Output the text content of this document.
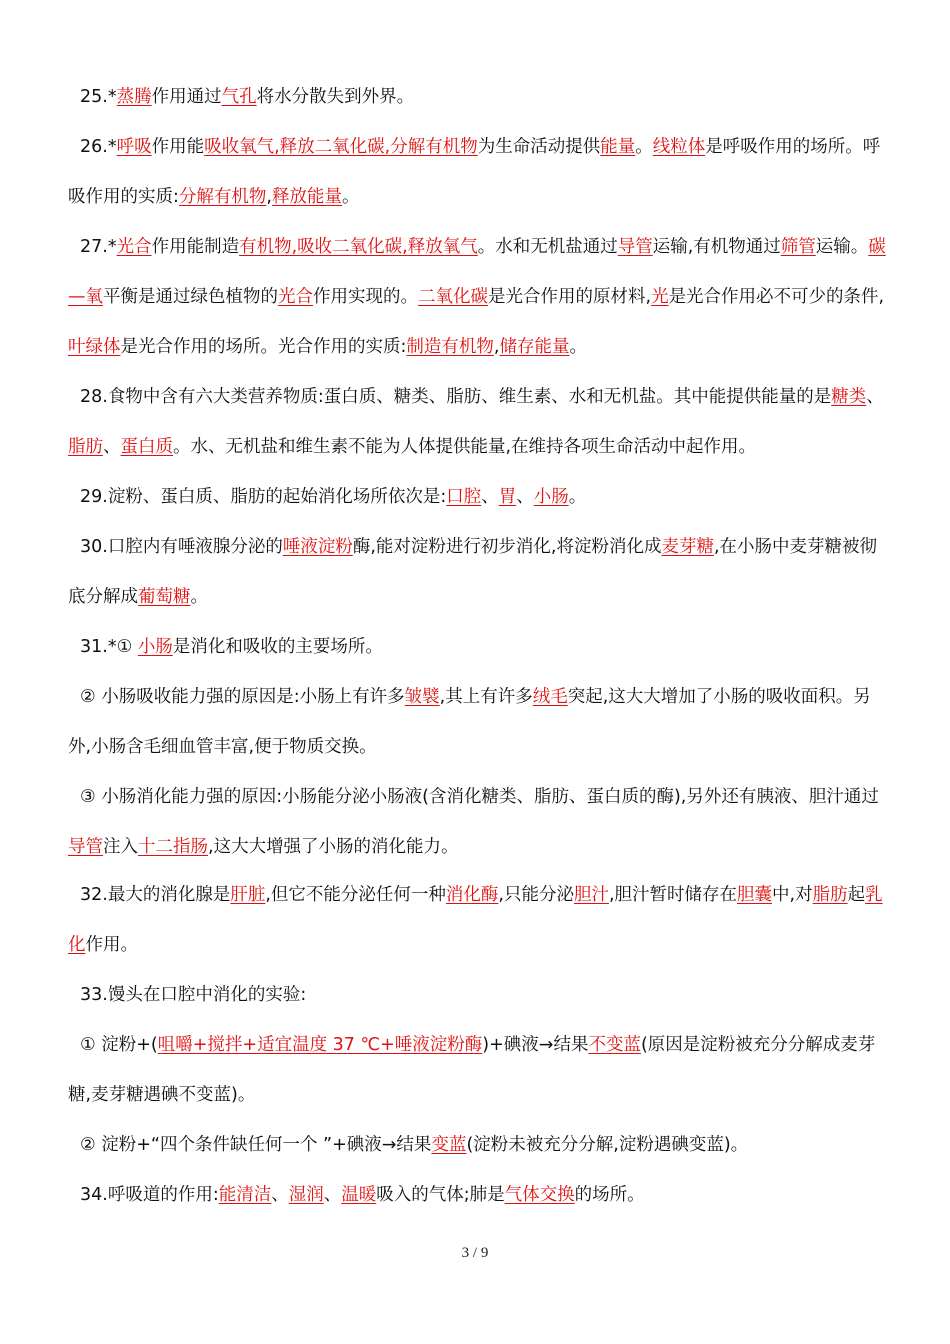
25.*蒸腾作用通过气孔将水分散失到外界。

26.*呼吸作用能吸收氧气,释放二氧化碳,分解有机物为生命活动提供能量。线粒体是呼吸作用的场所。呼吸作用的实质:分解有机物,释放能量。

27.*光合作用能制造有机物,吸收二氧化碳,释放氧气。水和无机盐通过导管运输,有机物通过筛管运输。碳—氧平衡是通过绿色植物的光合作用实现的。二氧化碳是光合作用的原材料,光是光合作用必不可少的条件,叶绿体是光合作用的场所。光合作用的实质:制造有机物,储存能量。

28.食物中含有六大类营养物质:蛋白质、糖类、脂肪、维生素、水和无机盐。其中能提供能量的是糖类、脂肪、蛋白质。水、无机盐和维生素不能为人体提供能量,在维持各项生命活动中起作用。

29.淀粉、蛋白质、脂肪的起始消化场所依次是:口腔、胃、小肠。

30.口腔内有唾液腺分泌的唾液淀粉酶,能对淀粉进行初步消化,将淀粉消化成麦芽糖,在小肠中麦芽糖被彻底分解成葡萄糖。

31.*① 小肠是消化和吸收的主要场所。

② 小肠吸收能力强的原因是:小肠上有许多皱襞,其上有许多绒毛突起,这大大增加了小肠的吸收面积。另外,小肠含毛细血管丰富,便于物质交换。

③ 小肠消化能力强的原因:小肠能分泌小肠液(含消化糖类、脂肪、蛋白质的酶),另外还有胰液、胆汁通过导管注入十二指肠,这大大增强了小肠的消化能力。

32.最大的消化腺是肝脏,但它不能分泌任何一种消化酶,只能分泌胆汁,胆汁暂时储存在胆囊中,对脂肪起乳化作用。

33.馒头在口腔中消化的实验:

① 淀粉+(咀嚼+搅拌+适宜温度 37 ℃+唾液淀粉酶)+碘液→结果不变蓝(原因是淀粉被充分分解成麦芽糖,麦芽糖遇碘不变蓝)。

② 淀粉+“四个条件缺任何一个 ”+碘液→结果变蓝(淀粉未被充分分解,淀粉遇碘变蓝)。

34.呼吸道的作用:能清洁、湿润、温暖吸入的气体;肺是气体交换的场所。

3 / 9
